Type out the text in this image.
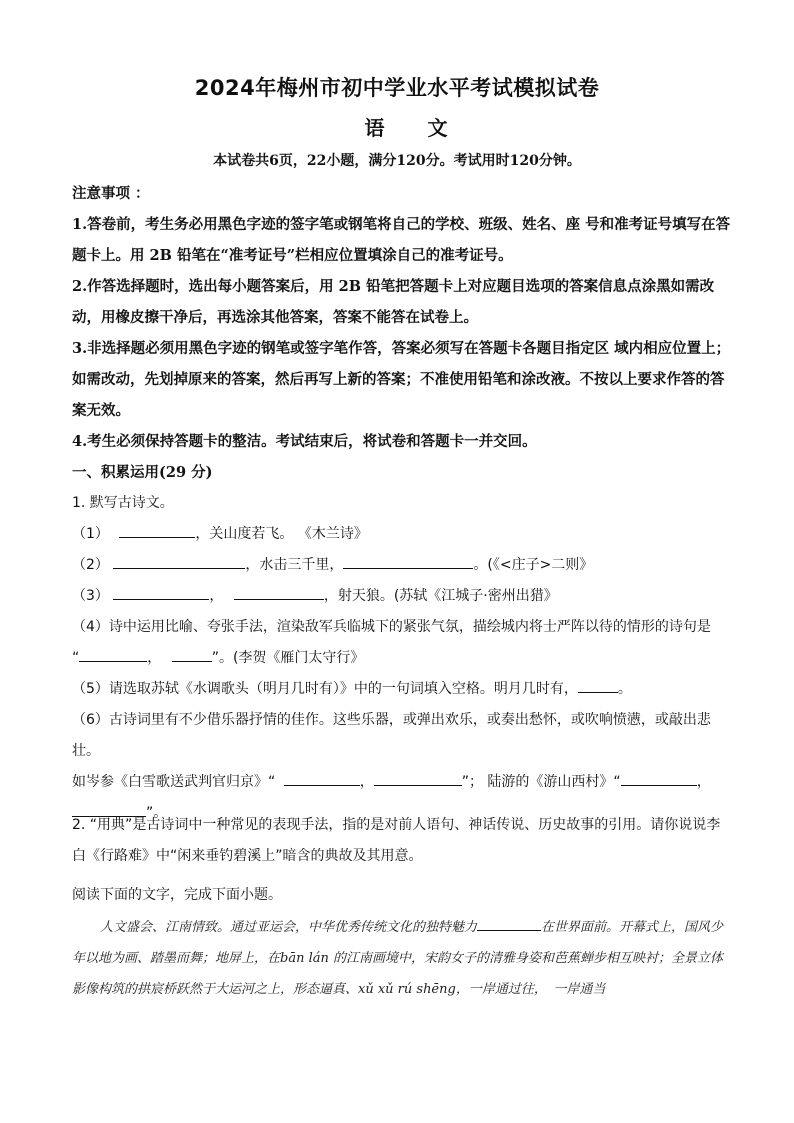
2024年梅州市初中学业水平考试模拟试卷
语 文
本试卷共6页，22小题，满分120分。考试用时120分钟。
注意事项 ：
1.答卷前，考生务必用黑色字迹的签字笔或钢笔将自己的学校、班级、姓名、座 号和准考证号填写在答题卡上。用 2B 铅笔在“准考证号”栏相应位置填涂自己的准考证号。
2.作答选择题时，选出每小题答案后，用 2B 铅笔把答题卡上对应题目选项的答案信息点涂黑如需改动，用橡皮擦干净后，再选涂其他答案，答案不能答在试卷上。
3.非选择题必须用黑色字迹的钢笔或签字笔作答，答案必须写在答题卡各题目指定区 域内相应位置上；如需改动，先划掉原来的答案，然后再写上新的答案；不准使用铅笔和涂改液。不按以上要求作答的答案无效。
4.考生必须保持答题卡的整洁。考试结束后，将试卷和答题卡一并交回。
一、积累运用(29 分)
1. 默写古诗文。
（1）	，关山度若飞。 《木兰诗》
（2）	，水击三千里，	。(《<庄子>二则》
（3）	，	，射天狼。(苏轼《江城子·密州出猎》
（4）诗中运用比喻、夸张手法，渲染敌军兵临城下的紧张气氛，描绘城内将士严阵以待的情形的诗句是
“	，	”。(李贺《雁门太守行》
（5）请选取苏轼《水调歌头（明月几时有）》中的一句词填入空格。明月几时有，	。
（6）古诗词里有不少借乐器抒情的佳作。这些乐器，或弹出欢乐，或奏出愁怀，或吹响愤懑，或敲出悲壮。
如岑参《白雪歌送武判官归京》“	，	”； 陆游的《游山西村》“	，
”。
2. “用典”是古诗词中一种常见的表现手法，指的是对前人语句、神话传说、历史故事的引用。请你说说李白《行路难》中“闲来垂钓碧溪上”暗含的典故及其用意。
阅读下面的文字，完成下面小题。
人文盛会、江南情致。通过亚运会，中华优秀传统文化的独特魅力	在世界面前。开幕式上，国风少年以地为画、踏墨而舞；地屏上，在bān lán 的江南画境中，宋韵女子的清雅身姿和芭蕉蝉步相互映衬；全景立体影像构筑的拱宸桥跃然于大运河之上，形态逼真、xǔ xǔ rú shēng，一岸通过往，　一岸通当
